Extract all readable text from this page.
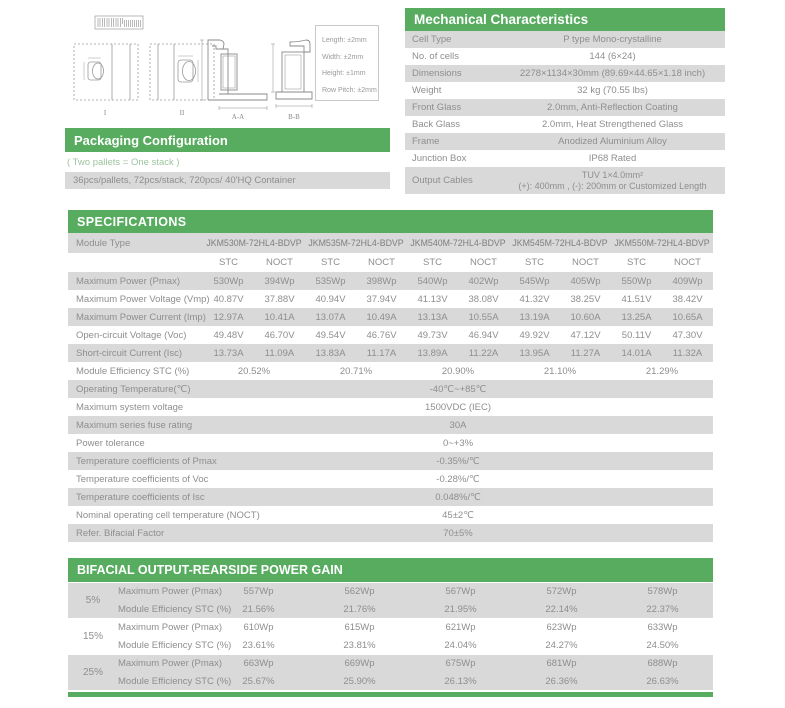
I	II	A-A	B-B
Length: ±2mm
Width: ±2mm
Height: ±1mm
Row Pitch: ±2mm
Packaging Configuration
( Two pallets = One stack )
36pcs/pallets, 72pcs/stack, 720pcs/ 40'HQ Container
Mechanical Characteristics
Cell Type	P type Mono-crystalline
No. of cells	144 (6×24)
Dimensions	2278×1134×30mm (89.69×44.65×1.18 inch)
Weight	32 kg (70.55 lbs)
Front Glass	2.0mm, Anti-Reflection Coating
Back Glass	2.0mm, Heat Strengthened Glass
Frame	Anodized Aluminium Alloy
Junction Box	IP68 Rated
Output Cables
TUV 1×4.0mm²
(+): 400mm , (-): 200mm or Customized Length
SPECIFICATIONS
Module Type	JKM530M-72HL4-BDVP JKM535M-72HL4-BDVP JKM540M-72HL4-BDVP JKM545M-72HL4-BDVP JKM550M-72HL4-BDVP
STC	NOCT	STC	NOCT	STC	NOCT	STC	NOCT	STC	NOCT
Maximum Power (Pmax)	530Wp	394Wp	535Wp	398Wp	540Wp	402Wp	545Wp	405Wp	550Wp	409Wp
Maximum Power Voltage (Vmp) 40.87V	37.88V	40.94V	37.94V	41.13V	38.08V	41.32V	38.25V	41.51V	38.42V
Maximum Power Current (Imp) 12.97A	10.41A	13.07A	10.49A	13.13A	10.55A	13.19A	10.60A	13.25A	10.65A
Open-circuit Voltage (Voc)	49.48V	46.70V	49.54V	46.76V	49.73V	46.94V	49.92V	47.12V	50.11V	47.30V
Short-circuit Current (Isc)	13.73A	11.09A	13.83A	11.17A	13.89A	11.22A	13.95A	11.27A	14.01A	11.32A
Module Efficiency STC (%)	20.52%	20.71%	20.90%	21.10%	21.29%
Operating Temperature(℃)	-40℃~+85℃
Maximum system voltage	1500VDC (IEC)
Maximum series fuse rating	30A
Power tolerance	0~+3%
Temperature coefficients of Pmax	-0.35%/℃
Temperature coefficients of Voc	-0.28%/℃
Temperature coefficients of Isc	0.048%/℃
Nominal operating cell temperature (NOCT)	45±2℃
Refer. Bifacial Factor	70±5%
BIFACIAL OUTPUT-REARSIDE POWER GAIN
5%
Maximum Power (Pmax)	557Wp	562Wp	567Wp	572Wp	578Wp
Module Efficiency STC (%)	21.56%	21.76%	21.95%	22.14%	22.37%
15%
Maximum Power (Pmax)	610Wp	615Wp	621Wp	623Wp	633Wp
Module Efficiency STC (%)	23.61%	23.81%	24.04%	24.27%	24.50%
25%
Maximum Power (Pmax)	663Wp	669Wp	675Wp	681Wp	688Wp
Module Efficiency STC (%)	25.67%	25.90%	26.13%	26.36%	26.63%
